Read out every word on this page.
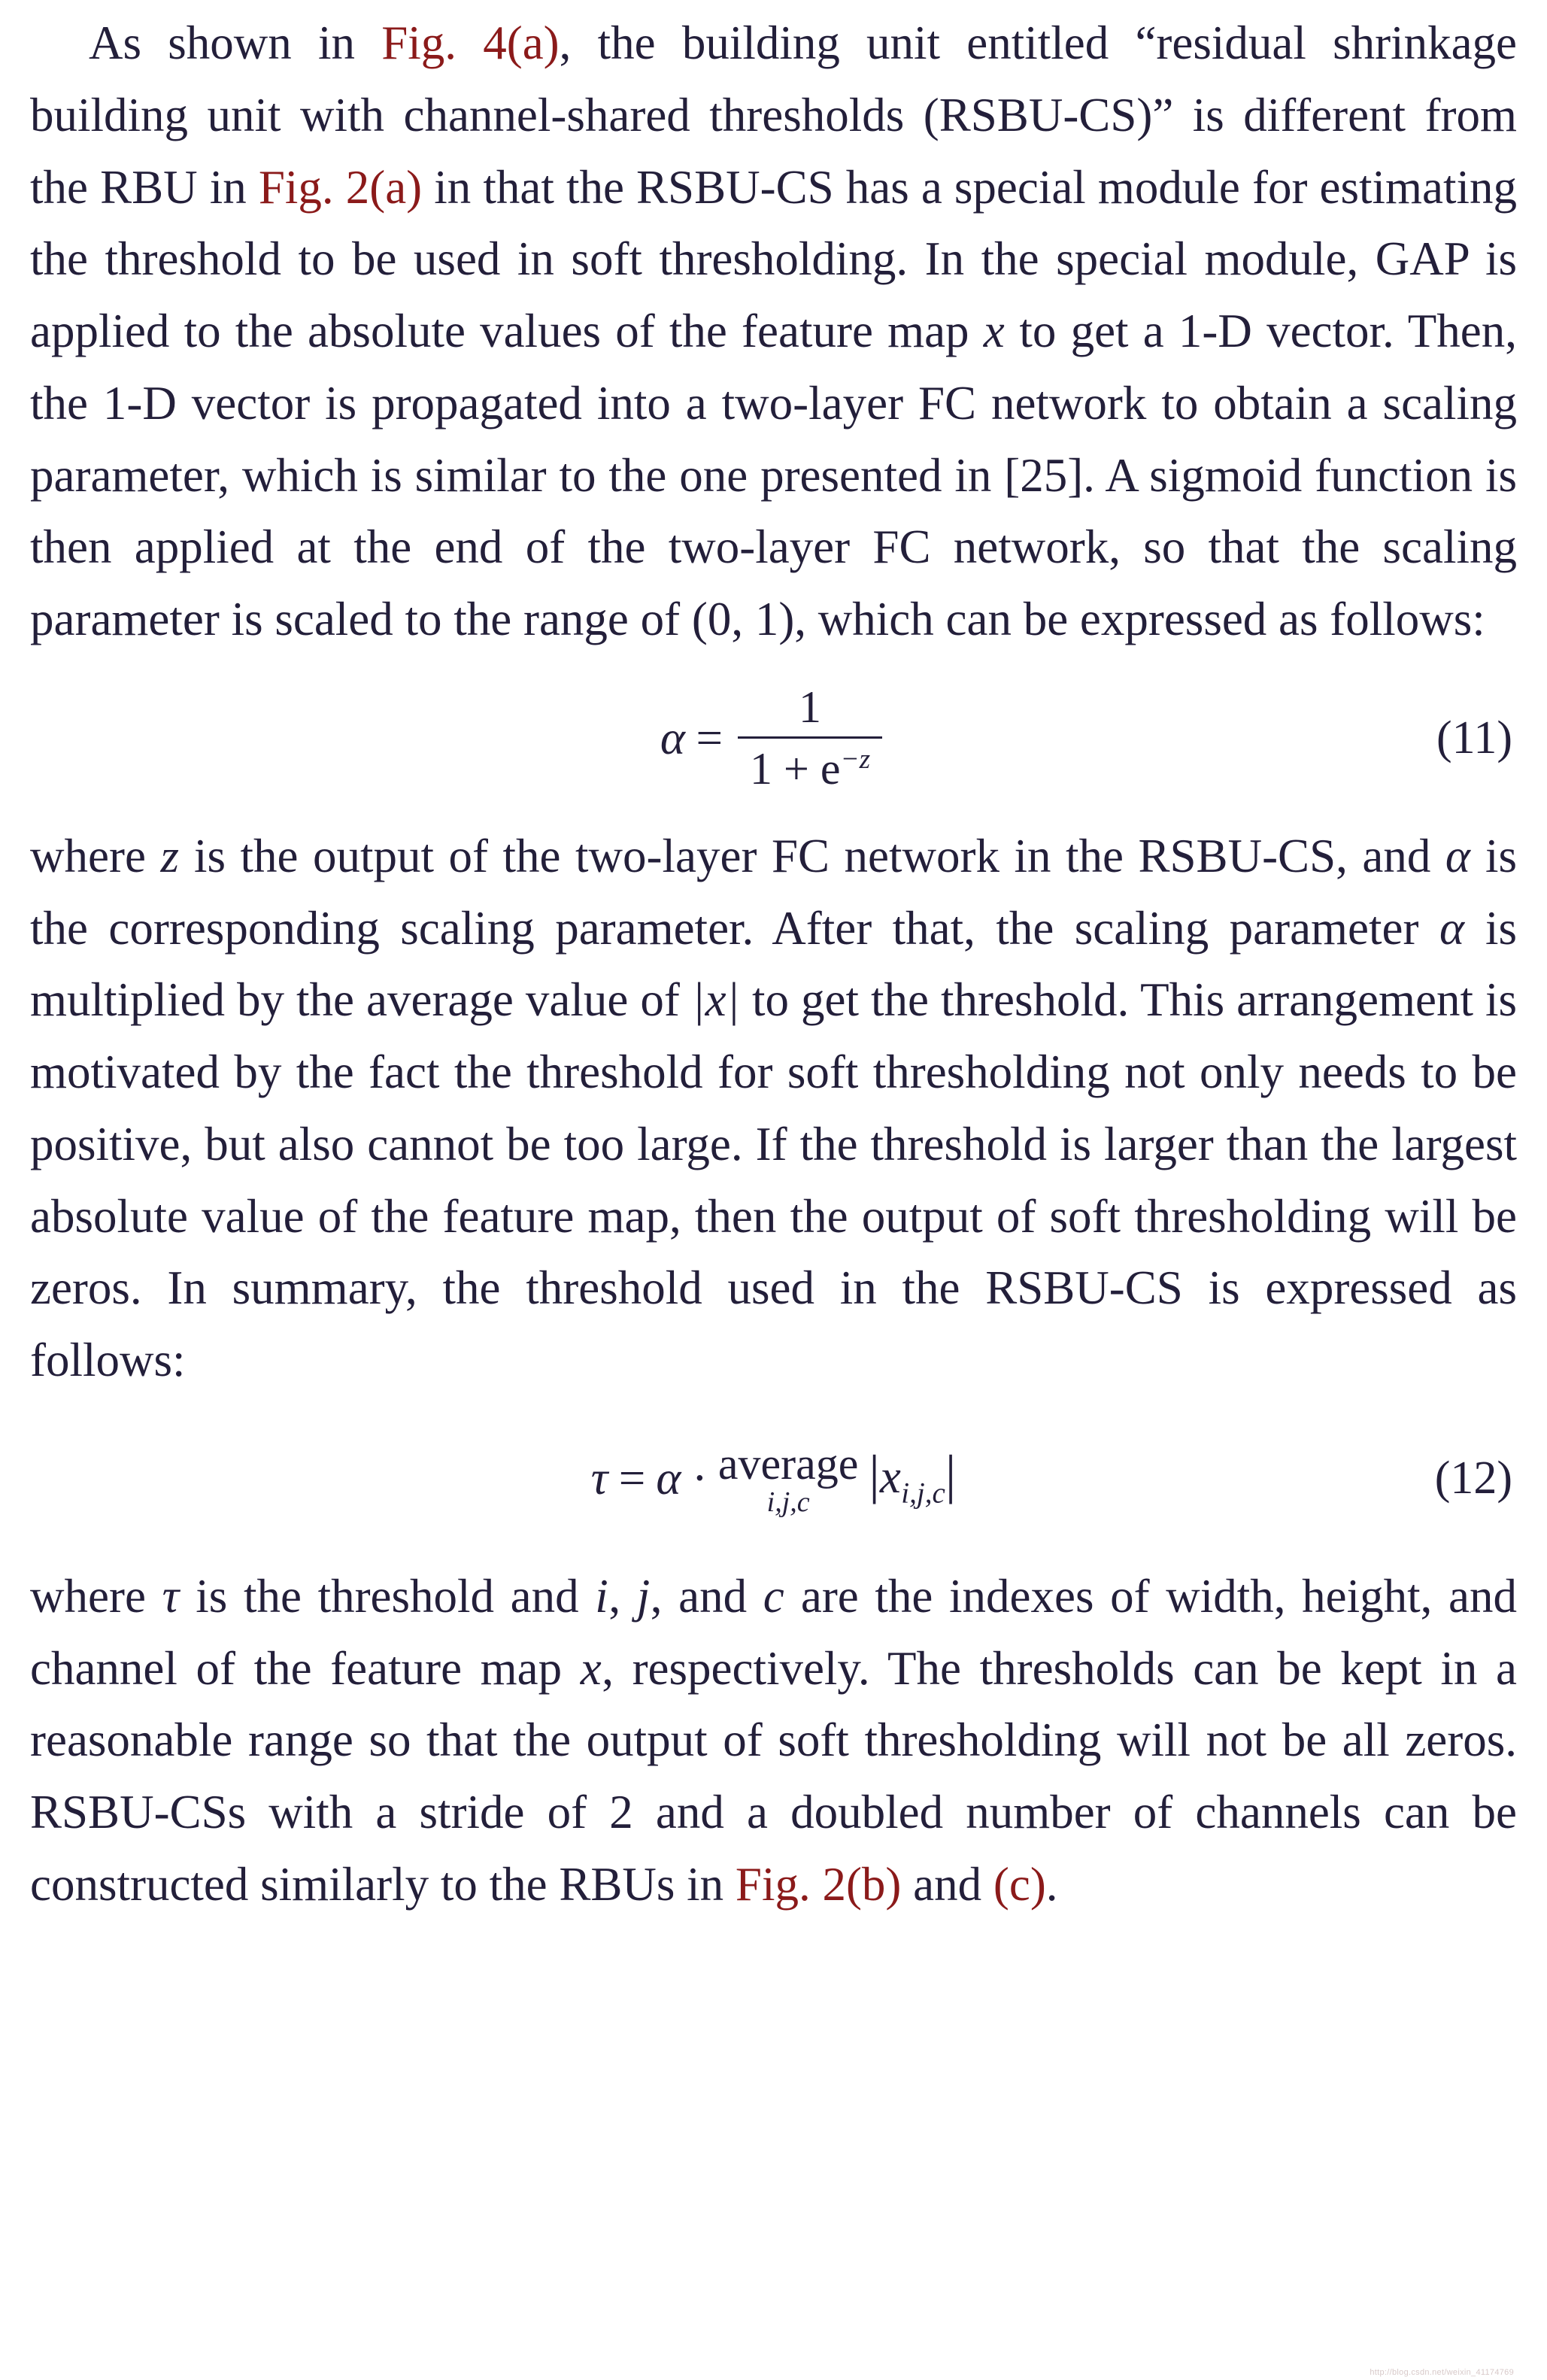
As shown in Fig. 4(a), the building unit entitled “residual shrinkage building unit with channel-shared thresholds (RSBU-CS)” is different from the RBU in Fig. 2(a) in that the RSBU-CS has a special module for estimating the threshold to be used in soft thresholding. In the special module, GAP is applied to the absolute values of the feature map x to get a 1-D vector. Then, the 1-D vector is propagated into a two-layer FC network to obtain a scaling parameter, which is similar to the one presented in [25]. A sigmoid function is then applied at the end of the two-layer FC network, so that the scaling parameter is scaled to the range of (0, 1), which can be expressed as follows:

$\alpha = \frac{1}{1 + e^{-z}}$	(11)

where z is the output of the two-layer FC network in the RSBU-CS, and α is the corresponding scaling parameter. After that, the scaling parameter α is multiplied by the average value of |x| to get the threshold. This arrangement is motivated by the fact the threshold for soft thresholding not only needs to be positive, but also cannot be too large. If the threshold is larger than the largest absolute value of the feature map, then the output of soft thresholding will be zeros. In summary, the threshold used in the RSBU-CS is expressed as follows:

τ = α · average
i,j,c $|x_{i,j,c}|$	(12)

where τ is the threshold and i, j, and c are the indexes of width, height, and channel of the feature map x, respectively. The thresholds can be kept in a reasonable range so that the output of soft thresholding will not be all zeros. RSBU-CSs with a stride of 2 and a doubled number of channels can be constructed similarly to the RBUs in Fig. 2(b) and (c).

http://blog.csdn.net/weixin_41174769
